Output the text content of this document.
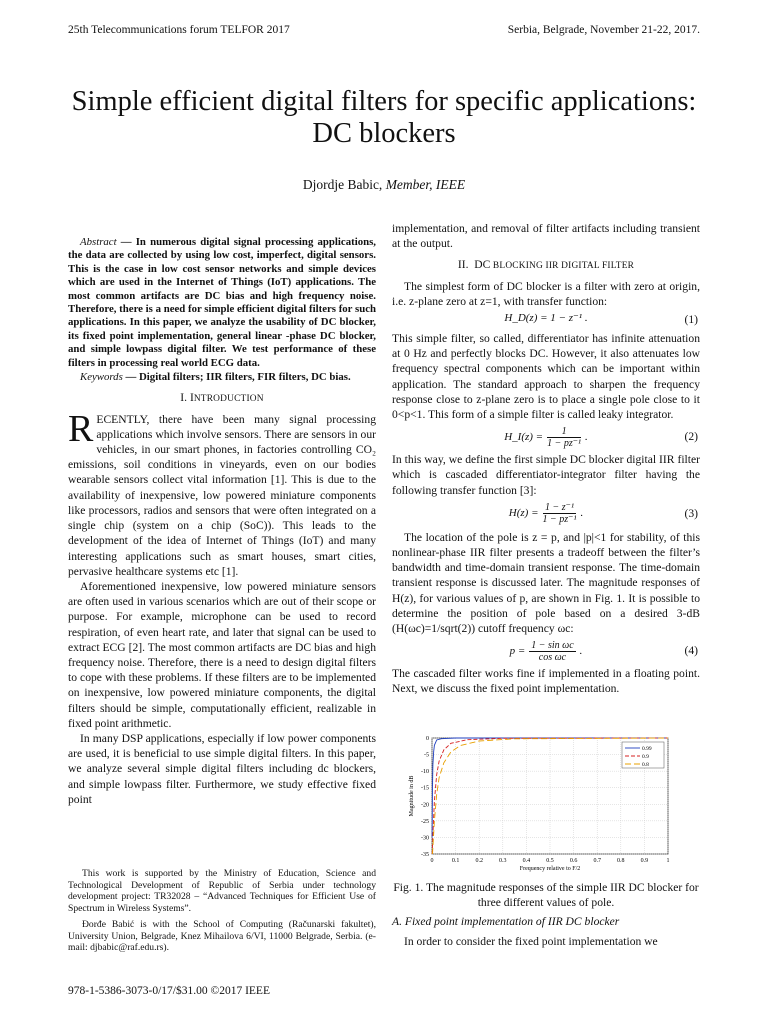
25th Telecommunications forum TELFOR 2017	Serbia, Belgrade, November 21-22, 2017.
Simple efficient digital filters for specific applications: DC blockers
Djordje Babic, Member, IEEE

Abstract — In numerous digital signal processing applications, the data are collected by using low cost, imperfect, digital sensors. This is the case in low cost sensor networks and simple devices which are used in the Internet of Things (IoT) applications. The most common artifacts are DC bias and high frequency noise. Therefore, there is a need for simple efficient digital filters for such applications. In this paper, we analyze the usability of DC blocker, its fixed point implementation, general linear -phase DC blocker, and simple lowpass digital filter. We test performance of these filters in processing real world ECG data.

Keywords — Digital filters; IIR filters, FIR filters, DC bias.

I. INTRODUCTION

RECENTLY, there have been many signal processing applications which involve sensors. There are sensors in our vehicles, in our smart phones, in factories controlling CO₂ emissions, soil conditions in vineyards, even on our bodies wearable sensors collect vital information [1]. This is due to the availability of inexpensive, low powered miniature components like processors, radios and sensors that were often integrated on a single chip (system on a chip (SoC)). This leads to the development of the idea of Internet of Things (IoT) and many interesting applications such as smart houses, smart cities, pervasive healthcare systems etc [1].

Aforementioned inexpensive, low powered miniature sensors are often used in various scenarios which are out of their scope or purpose. For example, microphone can be used to record respiration, of even heart rate, and later that signal can be used to extract ECG [2]. The most common artifacts are DC bias and high frequency noise. Therefore, there is a need to design digital filters to cope with these problems. If these filters are to be implemented on inexpensive, low powered miniature components, the digital filters should be simple, computationally efficient, realizable in fixed point arithmetic.

In many DSP applications, especially if low power components are used, it is beneficial to use simple digital filters. In this paper, we analyze several simple digital filters including dc blockers, and simple lowpass filter. Furthermore, we study effective fixed point

This work is supported by the Ministry of Education, Science and Technological Development of Republic of Serbia under technology development project: TR32028 – “Advanced Techniques for Efficient Use of Spectrum in Wireless Systems”.
Đorđe Babić is with the School of Computing (Računarski fakultet), University Union, Belgrade, Knez Mihailova 6/VI, 11000 Belgrade, Serbia. (e-mail: djbabic@raf.edu.rs).
978-1-5386-3073-0/17/$31.00 ©2017 IEEE

implementation, and removal of filter artifacts including transient at the output.

II. DC BLOCKING IIR DIGITAL FILTER

The simplest form of DC blocker is a filter with zero at origin, i.e. z-plane zero at z=1, with transfer function:

H_D(z) = 1 − z⁻¹ .	(1)

This simple filter, so called, differentiator has infinite attenuation at 0 Hz and perfectly blocks DC. However, it also attenuates low frequency spectral components which can be important within application. The standard approach to sharpen the frequency response close to z-plane zero is to place a single pole close to it 0<p<1. This form of a simple filter is called leaky integrator.

H_I(z) = $\frac{1}{\text{1 − pz⁻¹}}$ .	(2)

In this way, we define the first simple DC blocker digital IIR filter which is cascaded differentiator-integrator filter having the following transfer function [3]:

$H(z) = \frac{\text{1 − z⁻¹}}{\text{1 − pz⁻¹}}$ .	(3)

The location of the pole is z = p, and |p|<1 for stability, of this nonlinear-phase IIR filter presents a tradeoff between the filter’s bandwidth and time-domain transient response. The time-domain transient response is discussed later. The magnitude responses of H(z), for various values of p, are shown in Fig. 1. It is possible to determine the position of pole based on a desired 3-dB (H(ωc)=1/sqrt(2)) cutoff frequency ωc:

$p = \frac{\text{1 − sin ωc}}{\text{cos ωc}}$ .	(4)

The cascaded filter works fine if implemented in a floating point. Next, we discuss the fixed point implementation.

0	0.1	0.2	0.3	0.4	0.5	0.6	0.7	0.8	0.9	1
0
-5
-10
-15
-20
-25
-30
-35
Frequency relative to F/2
Magnitude in dB
0.99
0.9
0.8
Fig. 1. The magnitude responses of the simple IIR DC blocker for three different values of pole.
A. Fixed point implementation of IIR DC blocker
In order to consider the fixed point implementation we
